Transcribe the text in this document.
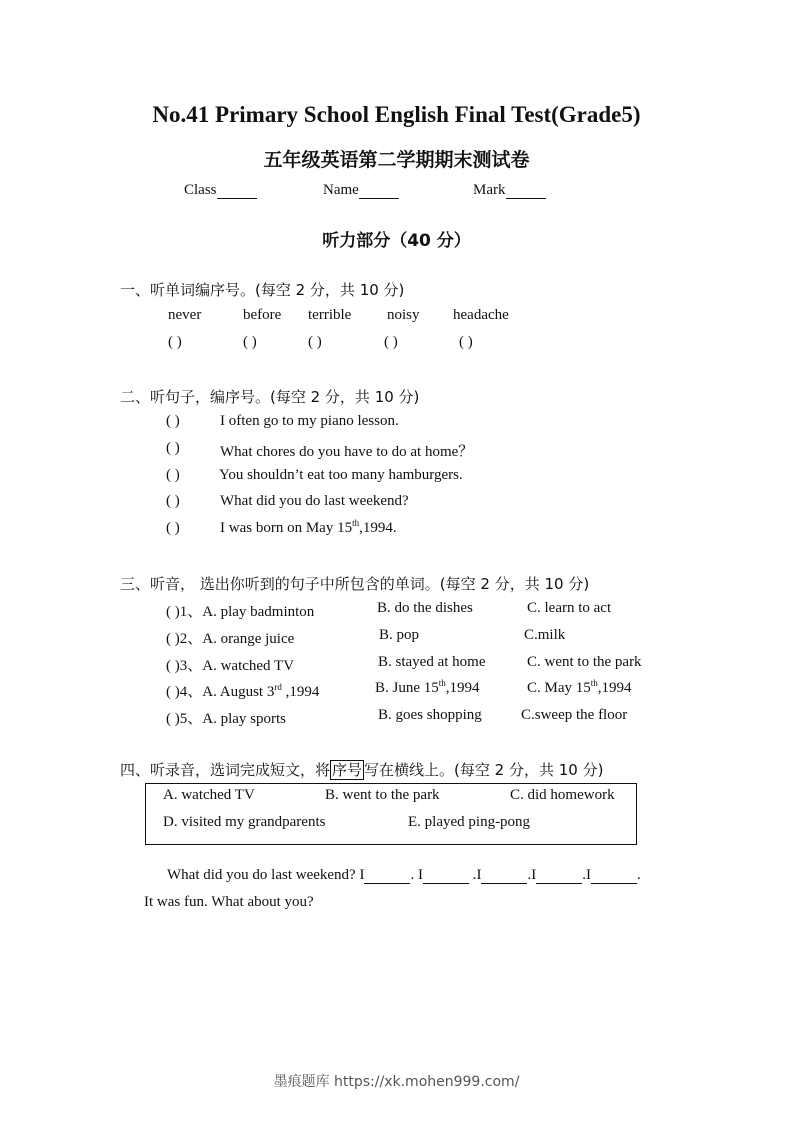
No.41 Primary School English Final Test(Grade5)
五年级英语第二学期期末测试卷
Class	Name	Mark
听力部分（40 分）
一、听单词编序号。(每空 2 分，共 10 分)
never	before terrible noisy headache
( )	( )	( )	( )	( )
二、听句子，编序号。(每空 2 分，共 10 分)
( )	I often go to my piano lesson.
( )	What chores do you have to do at home？
( )	You shouldn’t eat too many hamburgers.
( )	What did you do last weekend?
( )	I was born on May 15th,1994.
三、听音， 选出你听到的句子中所包含的单词。(每空 2 分，共 10 分)
( )1、A. play badminton	B. do the dishes	C. learn to act
( )2、A. orange juice	B. pop	C.milk
( )3、A. watched TV	B. stayed at home	C. went to the park
( )4、A. August 3rd ,1994	B. June 15th,1994	C. May 15th,1994
( )5、A. play sports	B. goes shopping	C.sweep the floor
四、听录音，选词完成短文，将 序号 写在横线上。(每空 2 分，共 10 分)
A. watched TV	B. went to the park	C. did homework
D. visited my grandparents	E. played ping-pong
What did you do last weekend? I	. I	.I	.I	.I	.
It was fun. What about you?
墨痕题库 https://xk.mohen999.com/
